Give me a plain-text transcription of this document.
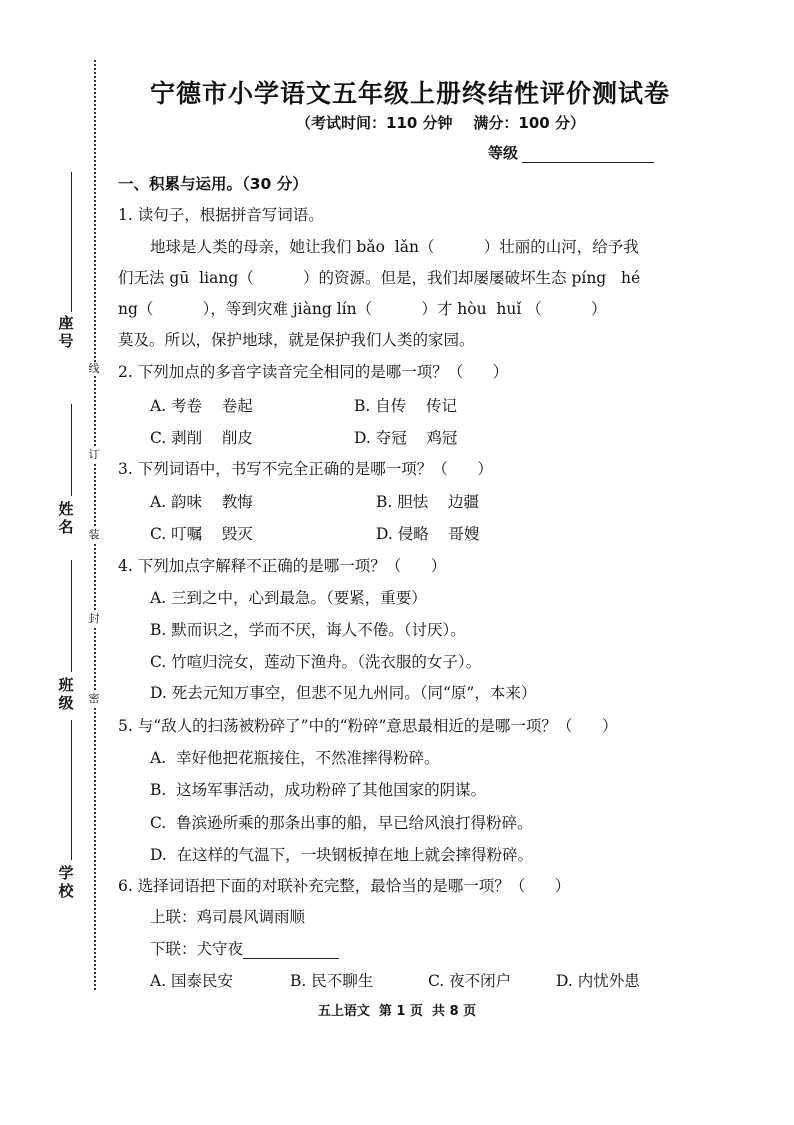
线
订
装
封
密
座号
姓名
班级
学校
宁德市小学语文五年级上册终结性评价测试卷
（考试时间：110 分钟    满分：100 分）
等级
一、积累与运用。（30 分）
1. 读句子，根据拼音写词语。
地球是人类的母亲，她让我们 bǎo  lǎn（          ）壮丽的山河，给予我
们无法 gū  liang（          ）的资源。但是，我们却屡屡破坏生态 píng   hé
ng（          ），等到灾难 jiàng lín（          ）才 hòu  huǐ （          ）
莫及。所以，保护地球，就是保护我们人类的家园。
2. 下列加点的多音字读音完全相同的是哪一项？（      ）
A. 考卷    卷起	B. 自传    传记
C. 剥削    削皮	D. 夺冠    鸡冠
3. 下列词语中，书写不完全正确的是哪一项？（      ）
A. 韵味    教悔	B. 胆怯    边疆
C. 叮嘱    毁灭	D. 侵略    哥嫂
4. 下列加点字解释不正确的是哪一项？（      ）
A. 三到之中，心到最急。（要紧，重要）
B. 默而识之，学而不厌，诲人不倦。（讨厌）。
C. 竹喧归浣女，莲动下渔舟。（洗衣服的女子）。
D. 死去元知万事空，但悲不见九州同。（同“原”，本来）
5. 与“敌人的扫荡被粉碎了”中的“粉碎”意思最相近的是哪一项？（      ）
A.  幸好他把花瓶接住，不然准摔得粉碎。
B.  这场军事活动，成功粉碎了其他国家的阴谋。
C.  鲁滨逊所乘的那条出事的船，早已给风浪打得粉碎。
D.  在这样的气温下，一块钢板掉在地上就会摔得粉碎。
6. 选择词语把下面的对联补充完整，最恰当的是哪一项？（      ）
上联：鸡司晨风调雨顺
下联：犬守夜
A. 国泰民安	B. 民不聊生	C. 夜不闭户	D. 内忧外患
五上语文  第 1 页  共 8 页
